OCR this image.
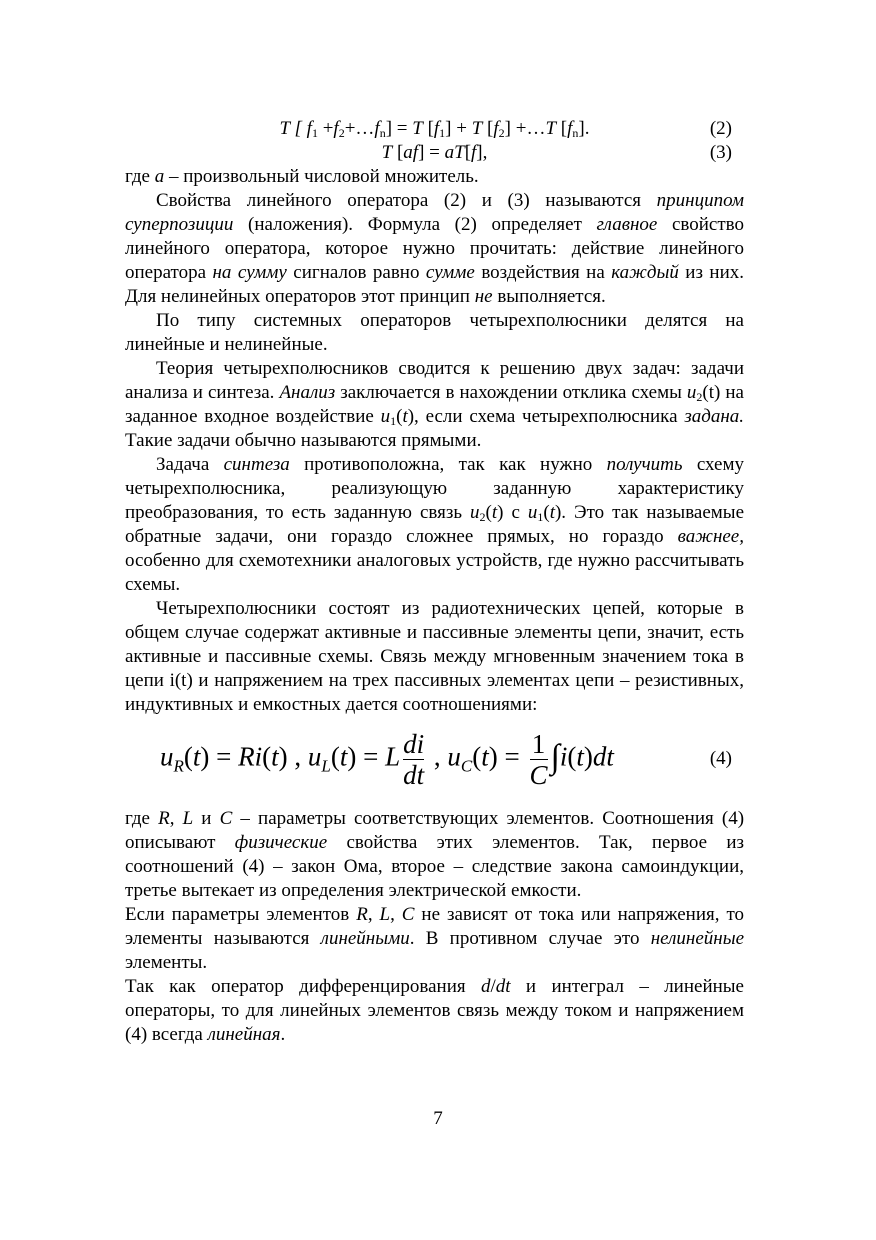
T [ $f_1$ $+f_2+\dots f_n] = T$ $[f_1] + T$ $[f_2]$ +…T $[f_n]$.	(2)
T [af] = aT[f],	(3)

где a – произвольный числовой множитель.

Свойства линейного оператора (2) и (3) называются принципом суперпозиции (наложения). Формула (2) определяет главное свойство линейного оператора, которое нужно прочитать: действие линейного оператора на сумму сигналов равно сумме воздействия на каждый из них. Для нелинейных операторов этот принцип не выполняется.

По типу системных операторов четырехполюсники делятся на линейные и нелинейные.

Теория четырехполюсников сводится к решению двух задач: задачи анализа и синтеза. Анализ заключается в нахождении отклика схемы $u_2(t)$ на заданное входное воздействие $u_1(t)$, если схема четырехполюсника задана. Такие задачи обычно называются прямыми.

Задача синтеза противоположна, так как нужно получить схему четырехполюсника, реализующую заданную характеристику преобразования, то есть заданную связь $u_2(t)$ с $u_1(t)$. Это так называемые обратные задачи, они гораздо сложнее прямых, но гораздо важнее, особенно для схемотехники аналоговых устройств, где нужно рассчитывать схемы.

Четырехполюсники состоят из радиотехнических цепей, которые в общем случае содержат активные и пассивные элементы цепи, значит, есть активные и пассивные схемы. Связь между мгновенным значением тока в цепи i(t) и напряжением на трех пассивных элементах цепи – резистивных, индуктивных и емкостных дается соотношениями:

$u_R(t) = Ri(t)$ , $u_L(t) = L \frac{di}{dt}$ , $u_C(t) = \frac{1}{C} \int i(t)dt$	(4)

где R, L и C – параметры соответствующих элементов. Соотношения (4) описывают физические свойства этих элементов. Так, первое из соотношений (4) – закон Ома, второе – следствие закона самоиндукции, третье вытекает из определения электрической емкости.

Если параметры элементов R, L, C не зависят от тока или напряжения, то элементы называются линейными. В противном случае это нелинейные элементы.

Так как оператор дифференцирования d/dt и интеграл – линейные операторы, то для линейных элементов связь между током и напряжением (4) всегда линейная.

7
